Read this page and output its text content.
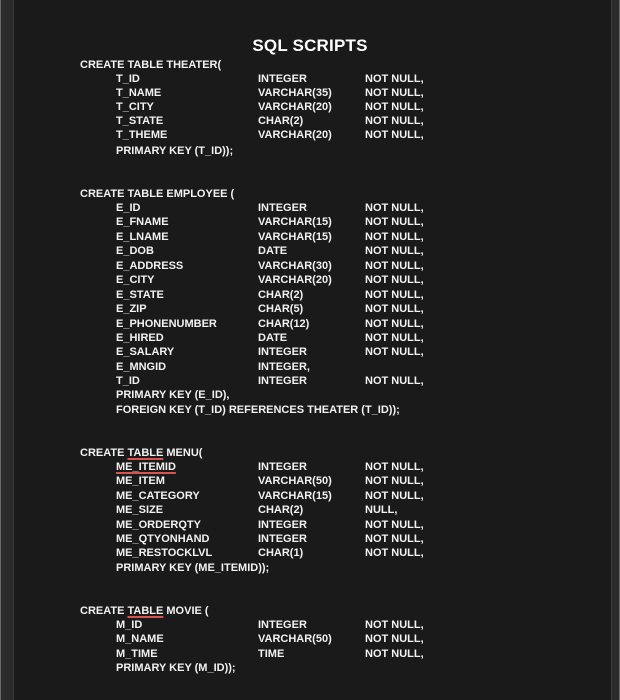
SQL SCRIPTS
CREATE TABLE THEATER(
T_ID	INTEGER	NOT NULL,
T_NAME	VARCHAR(35)	NOT NULL,
T_CITY	VARCHAR(20)	NOT NULL,
T_STATE	CHAR(2)	NOT NULL,
T_THEME	VARCHAR(20)	NOT NULL,
PRIMARY KEY (T_ID));
CREATE TABLE EMPLOYEE (
E_ID	INTEGER	NOT NULL,
E_FNAME	VARCHAR(15)	NOT NULL,
E_LNAME	VARCHAR(15)	NOT NULL,
E_DOB	DATE	NOT NULL,
E_ADDRESS	VARCHAR(30)	NOT NULL,
E_CITY	VARCHAR(20)	NOT NULL,
E_STATE	CHAR(2)	NOT NULL,
E_ZIP	CHAR(5)	NOT NULL,
E_PHONENUMBER	CHAR(12)	NOT NULL,
E_HIRED	DATE	NOT NULL,
E_SALARY	INTEGER	NOT NULL,
E_MNGID	INTEGER,
T_ID	INTEGER	NOT NULL,
PRIMARY KEY (E_ID),
FOREIGN KEY (T_ID) REFERENCES THEATER (T_ID));
CREATE TABLE MENU(
ME_ITEMID	INTEGER	NOT NULL,
ME_ITEM	VARCHAR(50)	NOT NULL,
ME_CATEGORY	VARCHAR(15)	NOT NULL,
ME_SIZE	CHAR(2)	NULL,
ME_ORDERQTY	INTEGER	NOT NULL,
ME_QTYONHAND	INTEGER	NOT NULL,
ME_RESTOCKLVL	CHAR(1)	NOT NULL,
PRIMARY KEY (ME_ITEMID));
CREATE TABLE MOVIE (
M_ID	INTEGER	NOT NULL,
M_NAME	VARCHAR(50)	NOT NULL,
M_TIME	TIME	NOT NULL,
PRIMARY KEY (M_ID));
